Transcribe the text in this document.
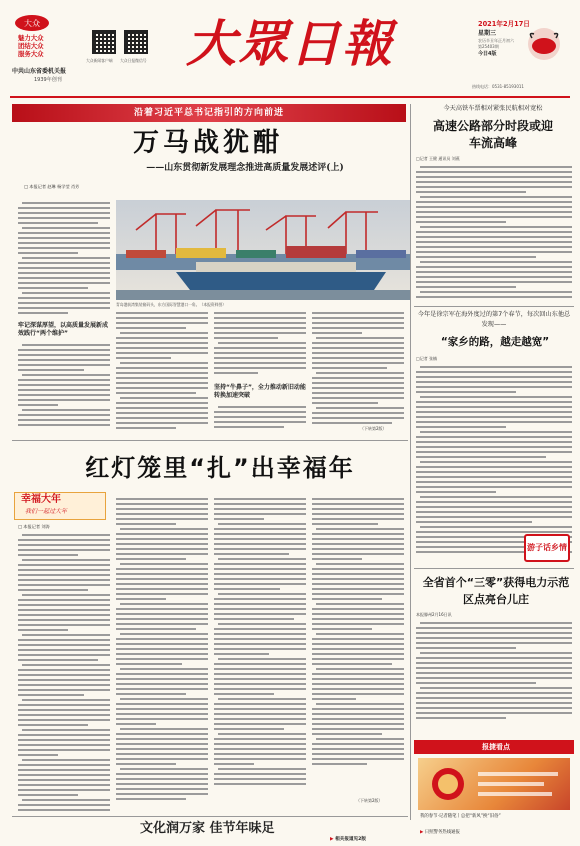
大众
魅力大众
团结大众
服务大众
中共山东省委机关报
1939年创刊
大众新闻客户端 大众日报微信号 大眾日報	2021年2月17日
星期三
农历辛丑年正月初六
第25403期
今日4版
热线电话：0531-85193011
沿着习近平总书记指引的方向前进
万马战犹酣
——山东贯彻新发展理念推进高质量发展述评(上)
□ 本报记者 赵琳 杨学莹 肖芳
牢记深谋厚望，以高质量发展新成效践行“两个维护”
青岛港前湾集装箱码头，东方国际智慧港口一角。（本报资料图）
坚持“牛鼻子”，全力推动新旧动能转换加速突破
（下转第2版）
红灯笼里“扎”出幸福年
幸福大年
我们一起过大年
□ 本报记者 刘涛
（下转第2版）
文化润万家 佳节年味足
▶ 相关报道见2版
今天高铁车票相对紧张民航相对宽松
高速公路部分时段或迎车流高峰
□记者 王健 通讯员 刘燕
今年是徐宗军在海外度过的第7个春节，每次回山东他总发现——
“家乡的路，越走越宽”
□记者 张楠
游子话乡情
全省首个“三零”获得电力示范区点亮台儿庄
本报滕州2月16日讯
报捷看点
我的春节·记者随笔丨总把“新风”换“旧俗”
▶ 日照警务热线通报
